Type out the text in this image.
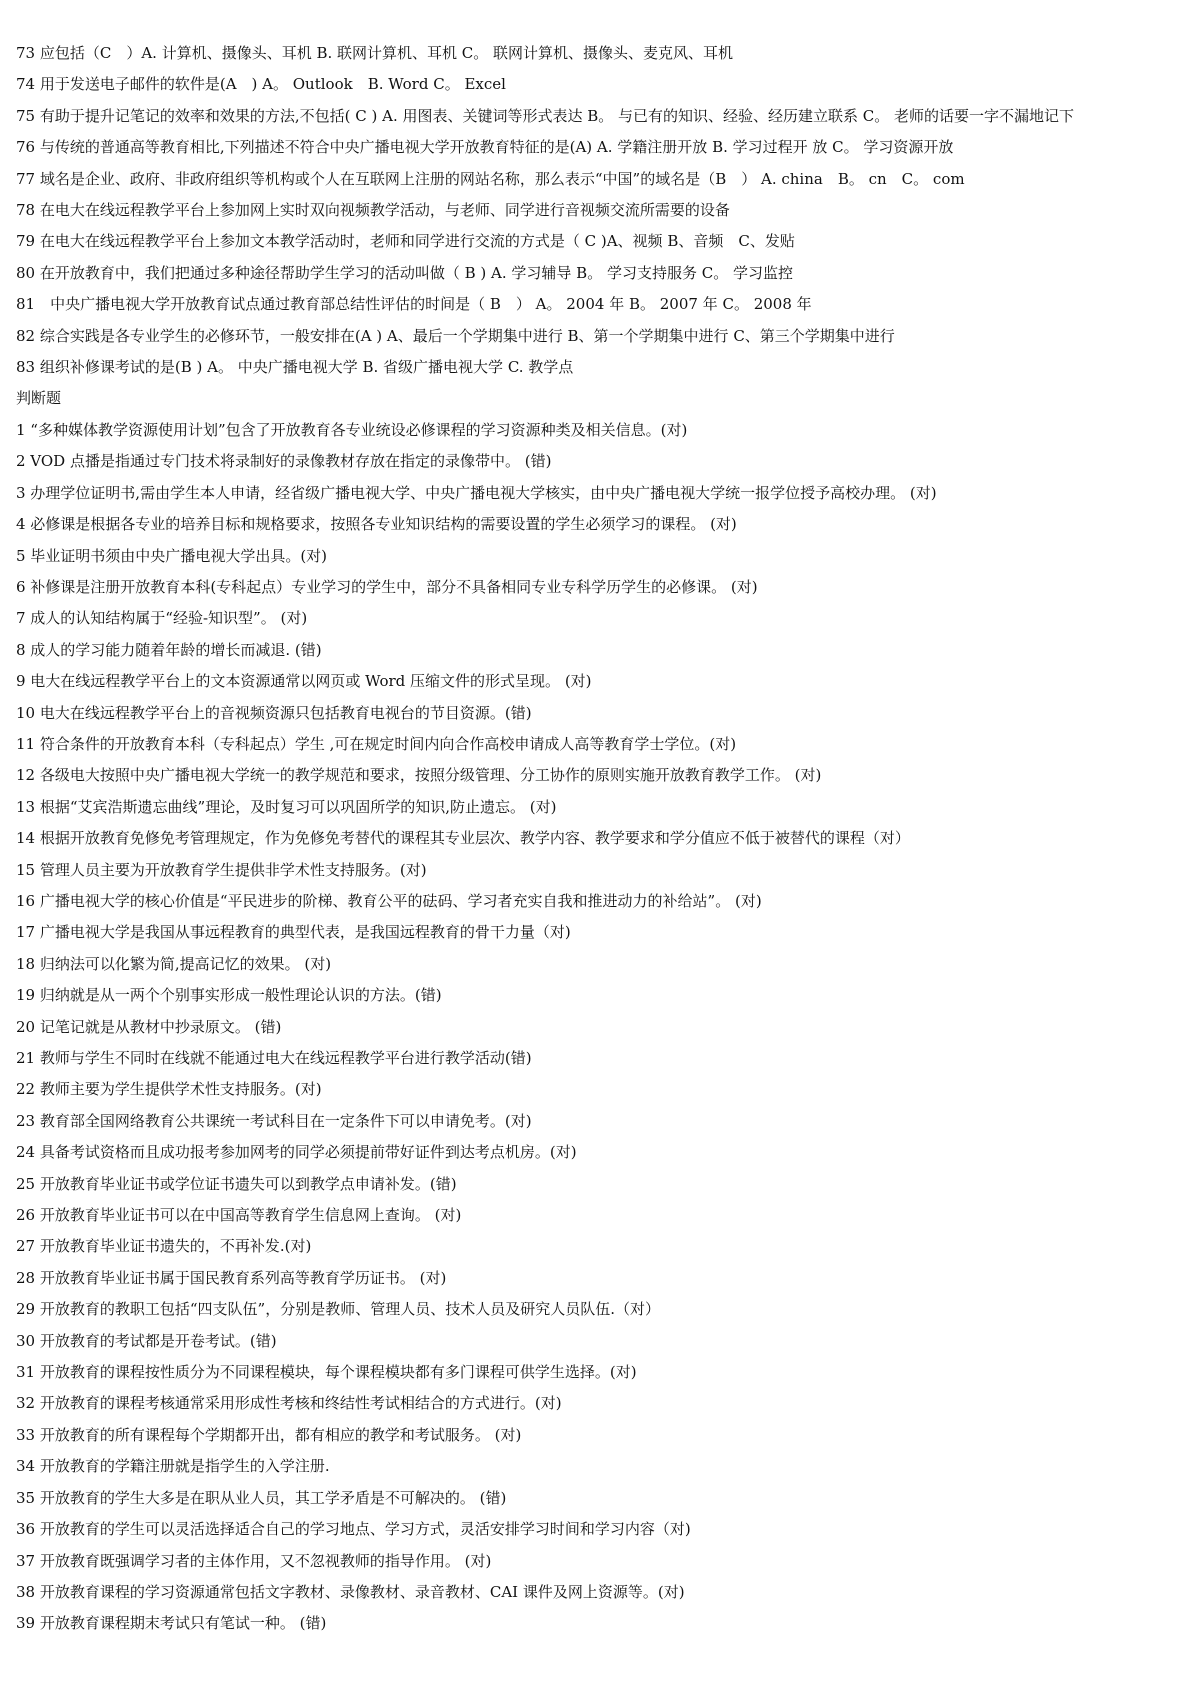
73 应包括（C　）A. 计算机、摄像头、耳机 B. 联网计算机、耳机 C。 联网计算机、摄像头、麦克风、耳机
74 用于发送电子邮件的软件是(A　) A。 Outlook　B. Word C。 Excel
75 有助于提升记笔记的效率和效果的方法,不包括( C ) A. 用图表、关键词等形式表达 B。 与已有的知识、经验、经历建立联系 C。 老师的话要一字不漏地记下
76 与传统的普通高等教育相比,下列描述不符合中央广播电视大学开放教育特征的是(A) A. 学籍注册开放 B. 学习过程开 放 C。 学习资源开放
77 域名是企业、政府、非政府组织等机构或个人在互联网上注册的网站名称，那么表示“中国”的域名是（B　） A. china　B。 cn　C。 com
78 在电大在线远程教学平台上参加网上实时双向视频教学活动，与老师、同学进行音视频交流所需要的设备
79 在电大在线远程教学平台上参加文本教学活动时，老师和同学进行交流的方式是（ C )A、视频 B、音频　C、发贴
80 在开放教育中，我们把通过多种途径帮助学生学习的活动叫做（ B ) A. 学习辅导 B。 学习支持服务 C。 学习监控
81　中央广播电视大学开放教育试点通过教育部总结性评估的时间是（ B　） A。 2004 年 B。 2007 年 C。 2008 年
82 综合实践是各专业学生的必修环节，一般安排在(A ) A、最后一个学期集中进行 B、第一个学期集中进行 C、第三个学期集中进行
83 组织补修课考试的是(B ) A。 中央广播电视大学 B. 省级广播电视大学 C. 教学点
判断题
1 “多种媒体教学资源使用计划”包含了开放教育各专业统设必修课程的学习资源种类及相关信息。(对)
2 VOD 点播是指通过专门技术将录制好的录像教材存放在指定的录像带中。 (错)
3 办理学位证明书,需由学生本人申请，经省级广播电视大学、中央广播电视大学核实，由中央广播电视大学统一报学位授予高校办理。 (对)
4 必修课是根据各专业的培养目标和规格要求，按照各专业知识结构的需要设置的学生必须学习的课程。 (对)
5 毕业证明书须由中央广播电视大学出具。(对)
6 补修课是注册开放教育本科(专科起点）专业学习的学生中，部分不具备相同专业专科学历学生的必修课。 (对)
7 成人的认知结构属于“经验-知识型”。 (对)
8 成人的学习能力随着年龄的增长而减退. (错)
9 电大在线远程教学平台上的文本资源通常以网页或 Word 压缩文件的形式呈现。 (对)
10 电大在线远程教学平台上的音视频资源只包括教育电视台的节目资源。(错)
11 符合条件的开放教育本科（专科起点）学生 ,可在规定时间内向合作高校申请成人高等教育学士学位。(对)
12 各级电大按照中央广播电视大学统一的教学规范和要求，按照分级管理、分工协作的原则实施开放教育教学工作。 (对)
13 根据“艾宾浩斯遗忘曲线”理论，及时复习可以巩固所学的知识,防止遗忘。 (对)
14 根据开放教育免修免考管理规定，作为免修免考替代的课程其专业层次、教学内容、教学要求和学分值应不低于被替代的课程（对）
15 管理人员主要为开放教育学生提供非学术性支持服务。(对)
16 广播电视大学的核心价值是“平民进步的阶梯、教育公平的砝码、学习者充实自我和推进动力的补给站”。 (对)
17 广播电视大学是我国从事远程教育的典型代表，是我国远程教育的骨干力量（对)
18 归纳法可以化繁为简,提高记忆的效果。 (对)
19 归纳就是从一两个个别事实形成一般性理论认识的方法。(错)
20 记笔记就是从教材中抄录原文。 (错)
21 教师与学生不同时在线就不能通过电大在线远程教学平台进行教学活动(错)
22 教师主要为学生提供学术性支持服务。(对)
23 教育部全国网络教育公共课统一考试科目在一定条件下可以申请免考。(对)
24 具备考试资格而且成功报考参加网考的同学必须提前带好证件到达考点机房。(对)
25 开放教育毕业证书或学位证书遗失可以到教学点申请补发。(错)
26 开放教育毕业证书可以在中国高等教育学生信息网上查询。 (对)
27 开放教育毕业证书遗失的，不再补发.(对)
28 开放教育毕业证书属于国民教育系列高等教育学历证书。 (对)
29 开放教育的教职工包括“四支队伍”，分别是教师、管理人员、技术人员及研究人员队伍.（对）
30 开放教育的考试都是开卷考试。(错)
31 开放教育的课程按性质分为不同课程模块，每个课程模块都有多门课程可供学生选择。(对)
32 开放教育的课程考核通常采用形成性考核和终结性考试相结合的方式进行。(对)
33 开放教育的所有课程每个学期都开出，都有相应的教学和考试服务。 (对)
34 开放教育的学籍注册就是指学生的入学注册.
35 开放教育的学生大多是在职从业人员，其工学矛盾是不可解决的。 (错)
36 开放教育的学生可以灵活选择适合自己的学习地点、学习方式，灵活安排学习时间和学习内容（对)
37 开放教育既强调学习者的主体作用，又不忽视教师的指导作用。 (对)
38 开放教育课程的学习资源通常包括文字教材、录像教材、录音教材、CAI 课件及网上资源等。(对)
39 开放教育课程期末考试只有笔试一种。 (错)
